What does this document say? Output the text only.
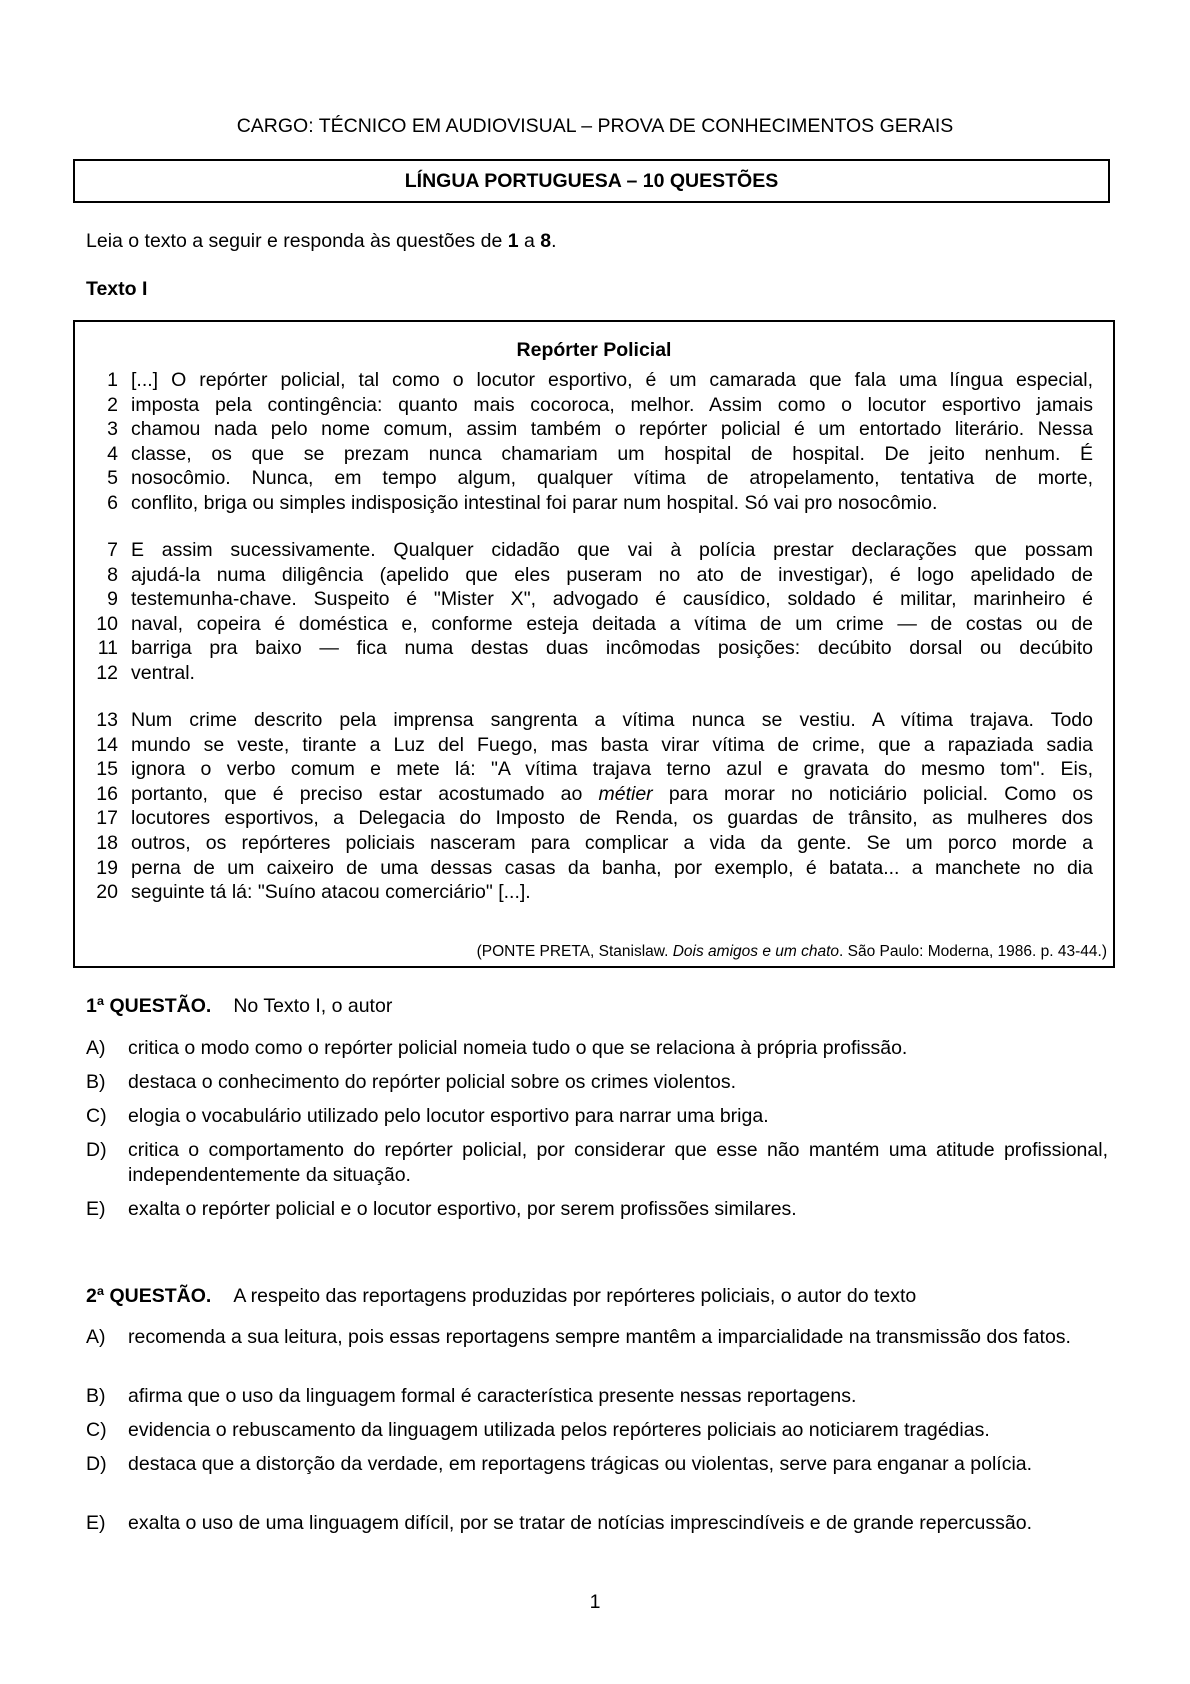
CARGO: TÉCNICO EM AUDIOVISUAL – PROVA DE CONHECIMENTOS GERAIS
LÍNGUA PORTUGUESA – 10 QUESTÕES
Leia o texto a seguir e responda às questões de 1 a 8.
Texto I
Repórter Policial
1 [...] O repórter policial, tal como o locutor esportivo, é um camarada que fala uma língua especial,
2 imposta pela contingência: quanto mais cocoroca, melhor. Assim como o locutor esportivo jamais
3 chamou nada pelo nome comum, assim também o repórter policial é um entortado literário. Nessa
4 classe, os que se prezam nunca chamariam um hospital de hospital. De jeito nenhum. É
5 nosocômio. Nunca, em tempo algum, qualquer vítima de atropelamento, tentativa de morte,
6 conflito, briga ou simples indisposição intestinal foi parar num hospital. Só vai pro nosocômio.
7 E assim sucessivamente. Qualquer cidadão que vai à polícia prestar declarações que possam
8 ajudá-la numa diligência (apelido que eles puseram no ato de investigar), é logo apelidado de
9 testemunha-chave. Suspeito é "Mister X", advogado é causídico, soldado é militar, marinheiro é
10 naval, copeira é doméstica e, conforme esteja deitada a vítima de um crime — de costas ou de
11 barriga pra baixo — fica numa destas duas incômodas posições: decúbito dorsal ou decúbito
12 ventral.
13 Num crime descrito pela imprensa sangrenta a vítima nunca se vestiu. A vítima trajava. Todo
14 mundo se veste, tirante a Luz del Fuego, mas basta virar vítima de crime, que a rapaziada sadia
15 ignora o verbo comum e mete lá: "A vítima trajava terno azul e gravata do mesmo tom". Eis,
16 portanto, que é preciso estar acostumado ao métier para morar no noticiário policial. Como os
17 locutores esportivos, a Delegacia do Imposto de Renda, os guardas de trânsito, as mulheres dos
18 outros, os repórteres policiais nasceram para complicar a vida da gente. Se um porco morde a
19 perna de um caixeiro de uma dessas casas da banha, por exemplo, é batata... a manchete no dia
20 seguinte tá lá: "Suíno atacou comerciário" [...].
(PONTE PRETA, Stanislaw. Dois amigos e um chato. São Paulo: Moderna, 1986. p. 43-44.)
1ª QUESTÃO. No Texto I, o autor
A)	critica o modo como o repórter policial nomeia tudo o que se relaciona à própria profissão.
B)	destaca o conhecimento do repórter policial sobre os crimes violentos.
C)	elogia o vocabulário utilizado pelo locutor esportivo para narrar uma briga.
D)	critica o comportamento do repórter policial, por considerar que esse não mantém uma atitude profissional, independentemente da situação.
E)	exalta o repórter policial e o locutor esportivo, por serem profissões similares.
2ª QUESTÃO. A respeito das reportagens produzidas por repórteres policiais, o autor do texto
A)	recomenda a sua leitura, pois essas reportagens sempre mantêm a imparcialidade na transmissão dos fatos.
B)	afirma que o uso da linguagem formal é característica presente nessas reportagens.
C)	evidencia o rebuscamento da linguagem utilizada pelos repórteres policiais ao noticiarem tragédias.
D)	destaca que a distorção da verdade, em reportagens trágicas ou violentas, serve para enganar a polícia.
E)	exalta o uso de uma linguagem difícil, por se tratar de notícias imprescindíveis e de grande repercussão.
1
